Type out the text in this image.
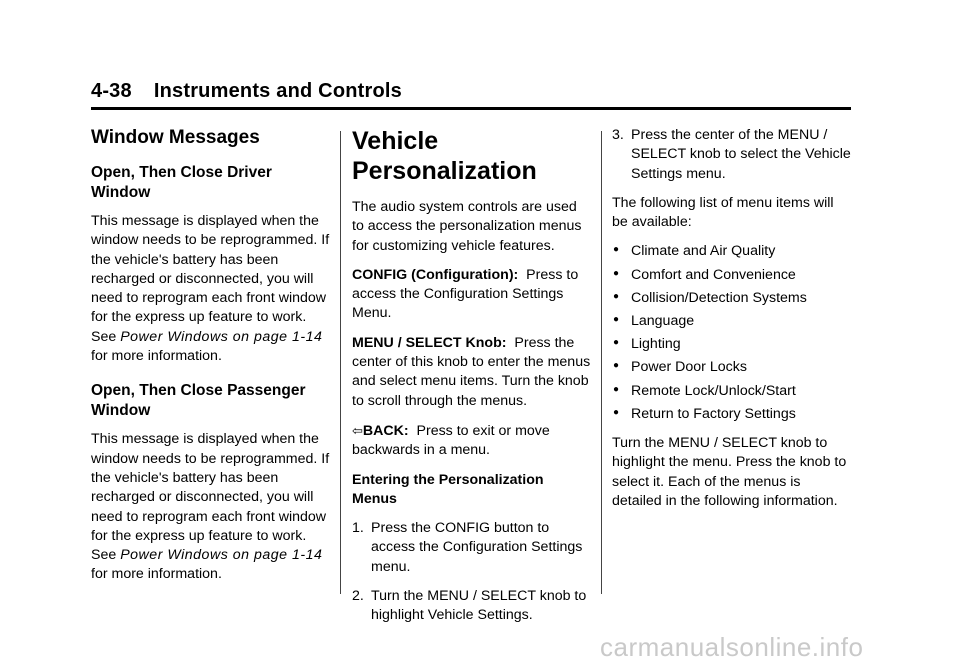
4-38 Instruments and Controls
Window Messages
Open, Then Close Driver Window

This message is displayed when the window needs to be reprogrammed. If the vehicle's battery has been recharged or disconnected, you will need to reprogram each front window for the express up feature to work. See Power Windows on page 1-14 for more information.

Open, Then Close Passenger Window

This message is displayed when the window needs to be reprogrammed. If the vehicle's battery has been recharged or disconnected, you will need to reprogram each front window for the express up feature to work. See Power Windows on page 1-14 for more information.

Vehicle Personalization

The audio system controls are used to access the personalization menus for customizing vehicle features.

CONFIG (Configuration): Press to access the Configuration Settings Menu.

MENU / SELECT Knob: Press the center of this knob to enter the menus and select menu items. Turn the knob to scroll through the menus.

⇦BACK: Press to exit or move backwards in a menu.

Entering the Personalization Menus

1. Press the CONFIG button to access the Configuration Settings menu.
2. Turn the MENU / SELECT knob to highlight Vehicle Settings.
3. Press the center of the MENU / SELECT knob to select the Vehicle Settings menu.

The following list of menu items will be available:

● Climate and Air Quality
● Comfort and Convenience
● Collision/Detection Systems
● Language
● Lighting
● Power Door Locks
● Remote Lock/Unlock/Start
● Return to Factory Settings

Turn the MENU / SELECT knob to highlight the menu. Press the knob to select it. Each of the menus is detailed in the following information.

carmanualsonline.info
